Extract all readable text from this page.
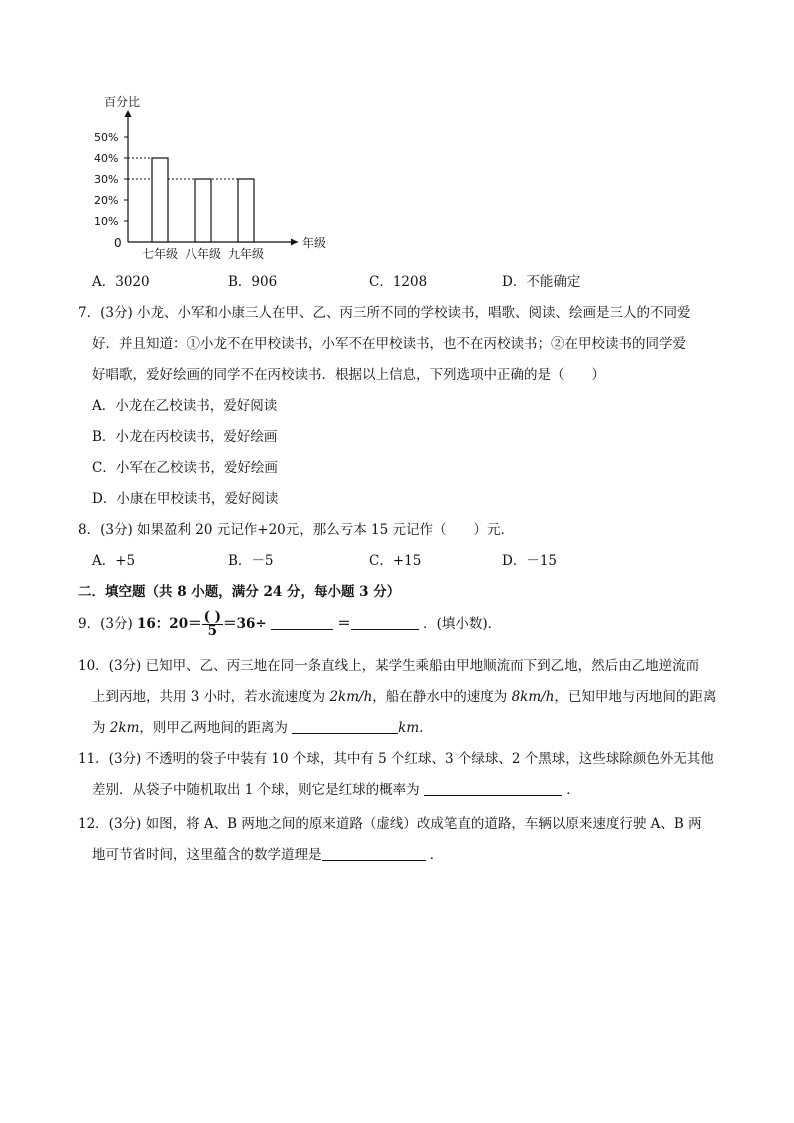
百分比
年级
0
10%
20%
30%
40%
50%
七年级 八年级 九年级
A．3020	B．906	C．1208	D．不能确定
7．(3分) 小龙、小军和小康三人在甲、乙、丙三所不同的学校读书，唱歌、阅读、绘画是三人的不同爱
好．并且知道：①小龙不在甲校读书，小军不在甲校读书，也不在丙校读书；②在甲校读书的同学爱
好唱歌，爱好绘画的同学不在丙校读书．根据以上信息，下列选项中正确的是（　　）
A．小龙在乙校读书，爱好阅读
B．小龙在丙校读书，爱好绘画
C．小军在乙校读书，爱好绘画
D．小康在甲校读书，爱好阅读
8．(3分) 如果盈利 20 元记作+20元，那么亏本 15 元记作（　　）元．
A．+5	B．－5	C．+15	D．－15
二．填空题（共 8 小题，满分 24 分，每小题 3 分）
9．(3分) 16：$20= \frac{( )}{5} =36\div$	＝	．(填小数)．
10．(3分) 已知甲、乙、丙三地在同一条直线上，某学生乘船由甲地顺流而下到乙地，然后由乙地逆流而
上到丙地，共用 3 小时，若水流速度为 2km/h，船在静水中的速度为 8km/h，已知甲地与丙地间的距离
为 2km，则甲乙两地间的距离为	km．
11．(3分) 不透明的袋子中装有 10 个球，其中有 5 个红球、3 个绿球、2 个黑球，这些球除颜色外无其他
差别．从袋子中随机取出 1 个球，则它是红球的概率为	．
12．(3分) 如图，将 A、B 两地之间的原来道路（虚线）改成笔直的道路，车辆以原来速度行驶 A、B 两
地可节省时间，这里蕴含的数学道理是	．
